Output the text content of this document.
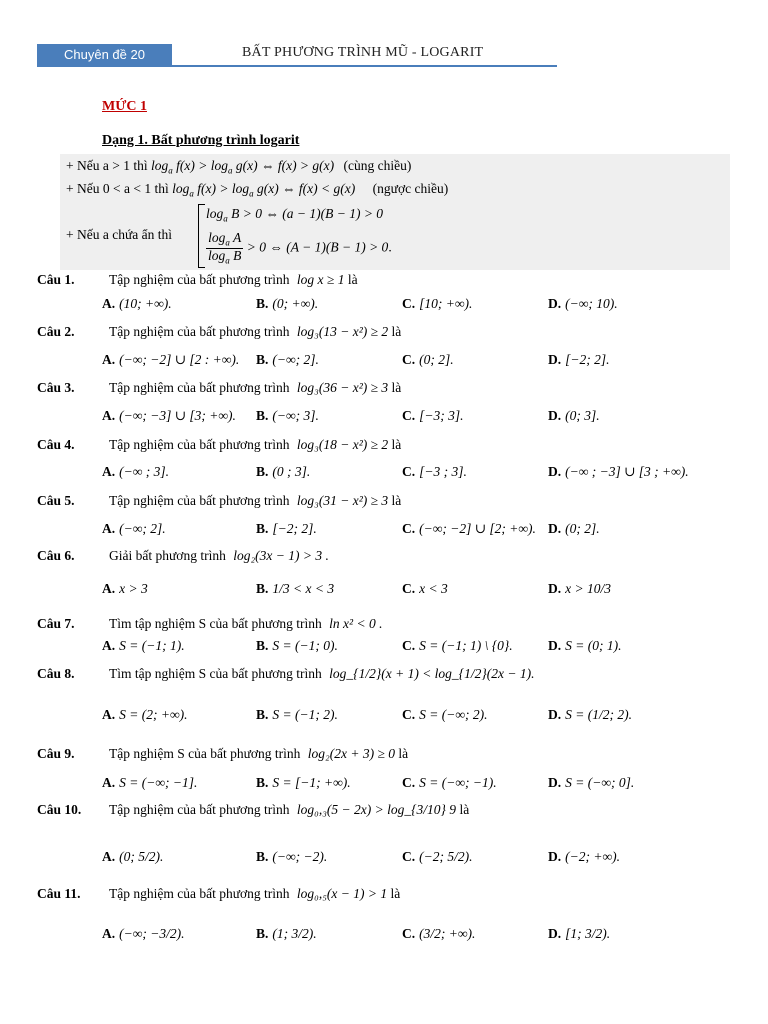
Chuyên đề 20	BẤT PHƯƠNG TRÌNH MŨ - LOGARIT
MỨC 1
Dạng 1. Bất phương trình logarit
+ Nếu a > 1 thì $\log_a f(x) > \log_a g(x)$ ⇔ f(x) > g(x) (cùng chiều)
+ Nếu 0 < a < 1 thì $\log_a f(x) > \log_a g(x)$ ⇔ f(x) < g(x) (ngược chiều)
+ Nếu a chứa ẩn thì
$\log_a B > 0$ ⇔ (a − 1)(B − 1) > 0
$\frac{\log_a A}{\log_a B} > 0$ ⇔ (A − 1)(B − 1) > 0.
Câu 1.	Tập nghiệm của bất phương trình log x ≥ 1 là
A. (10; +∞).	B. (0; +∞).	C. [10; +∞).	D. (−∞; 10).
Câu 2.	Tập nghiệm của bất phương trình log₃(13 − x²) ≥ 2 là
A. (−∞; −2] ∪ [2 : +∞). B. (−∞; 2].	C. (0; 2].	D. [−2; 2].
Câu 3.	Tập nghiệm của bất phương trình log₃(36 − x²) ≥ 3 là
A. (−∞; −3] ∪ [3; +∞). B. (−∞; 3].	C. [−3; 3].	D. (0; 3].
Câu 4.	Tập nghiệm của bất phương trình log₃(18 − x²) ≥ 2 là
A. (−∞ ; 3].	B. (0 ; 3].	C. [−3 ; 3].	D. (−∞ ; −3] ∪ [3 ; +∞).
Câu 5.	Tập nghiệm của bất phương trình log₃(31 − x²) ≥ 3 là
A. (−∞; 2].	B. [−2; 2].	C. (−∞; −2] ∪ [2; +∞). D. (0; 2].
Câu 6.	Giải bất phương trình log₂(3x − 1) > 3 .
A. x > 3	B. 1/3 < x < 3	C. x < 3	D. x > 10/3
Câu 7.	Tìm tập nghiệm S của bất phương trình ln x² < 0 .
A. S = (−1; 1).	B. S = (−1; 0).	C. S = (−1; 1) \ {0}.	D. S = (0; 1).
Câu 8.	Tìm tập nghiệm S của bất phương trình log_{1/2}(x + 1) < log_{1/2}(2x − 1).
A. S = (2; +∞).	B. S = (−1; 2).	C. S = (−∞; 2).	D. S = (1/2; 2).
Câu 9.	Tập nghiệm S của bất phương trình log₂(2x + 3) ≥ 0 là
A. S = (−∞; −1].	B. S = [−1; +∞).	C. S = (−∞; −1).	D. S = (−∞; 0].
Câu 10. Tập nghiệm của bất phương trình log₀,₃(5 − 2x) > log_{3/10} 9 là
A. (0; 5/2).	B. (−∞; −2).	C. (−2; 5/2).	D. (−2; +∞).
Câu 11. Tập nghiệm của bất phương trình log₀,₅(x − 1) > 1 là
A. (−∞; −3/2).	B. (1; 3/2).	C. (3/2; +∞).	D. [1; 3/2).
